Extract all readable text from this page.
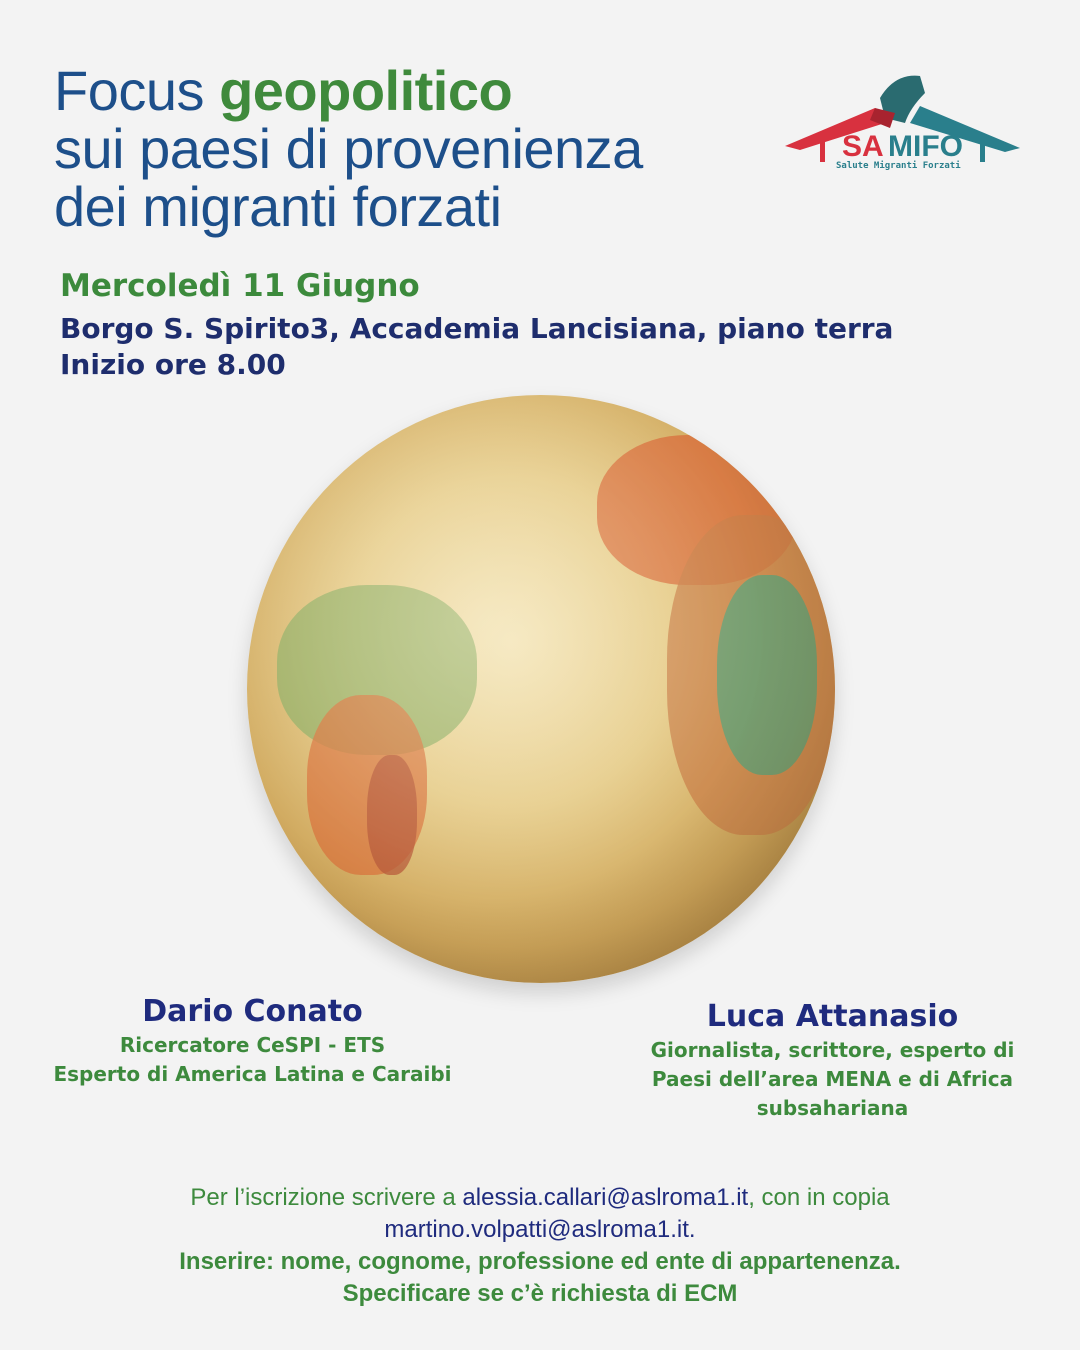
Focus geopolitico
sui paesi di provenienza
dei migranti forzati
SA MIFO
Salute Migranti Forzati
Mercoledì 11 Giugno
Borgo S. Spirito3, Accademia Lancisiana, piano terra
Inizio ore 8.00
Dario Conato
Ricercatore CeSPI - ETS
Esperto di America Latina e Caraibi
Luca Attanasio
Giornalista, scrittore, esperto di
Paesi dell’area MENA e di Africa
subsahariana
Per l’iscrizione scrivere a alessia.callari@aslroma1.it, con in copia
martino.volpatti@aslroma1.it.
Inserire: nome, cognome, professione ed ente di appartenenza.
Specificare se c’è richiesta di ECM
